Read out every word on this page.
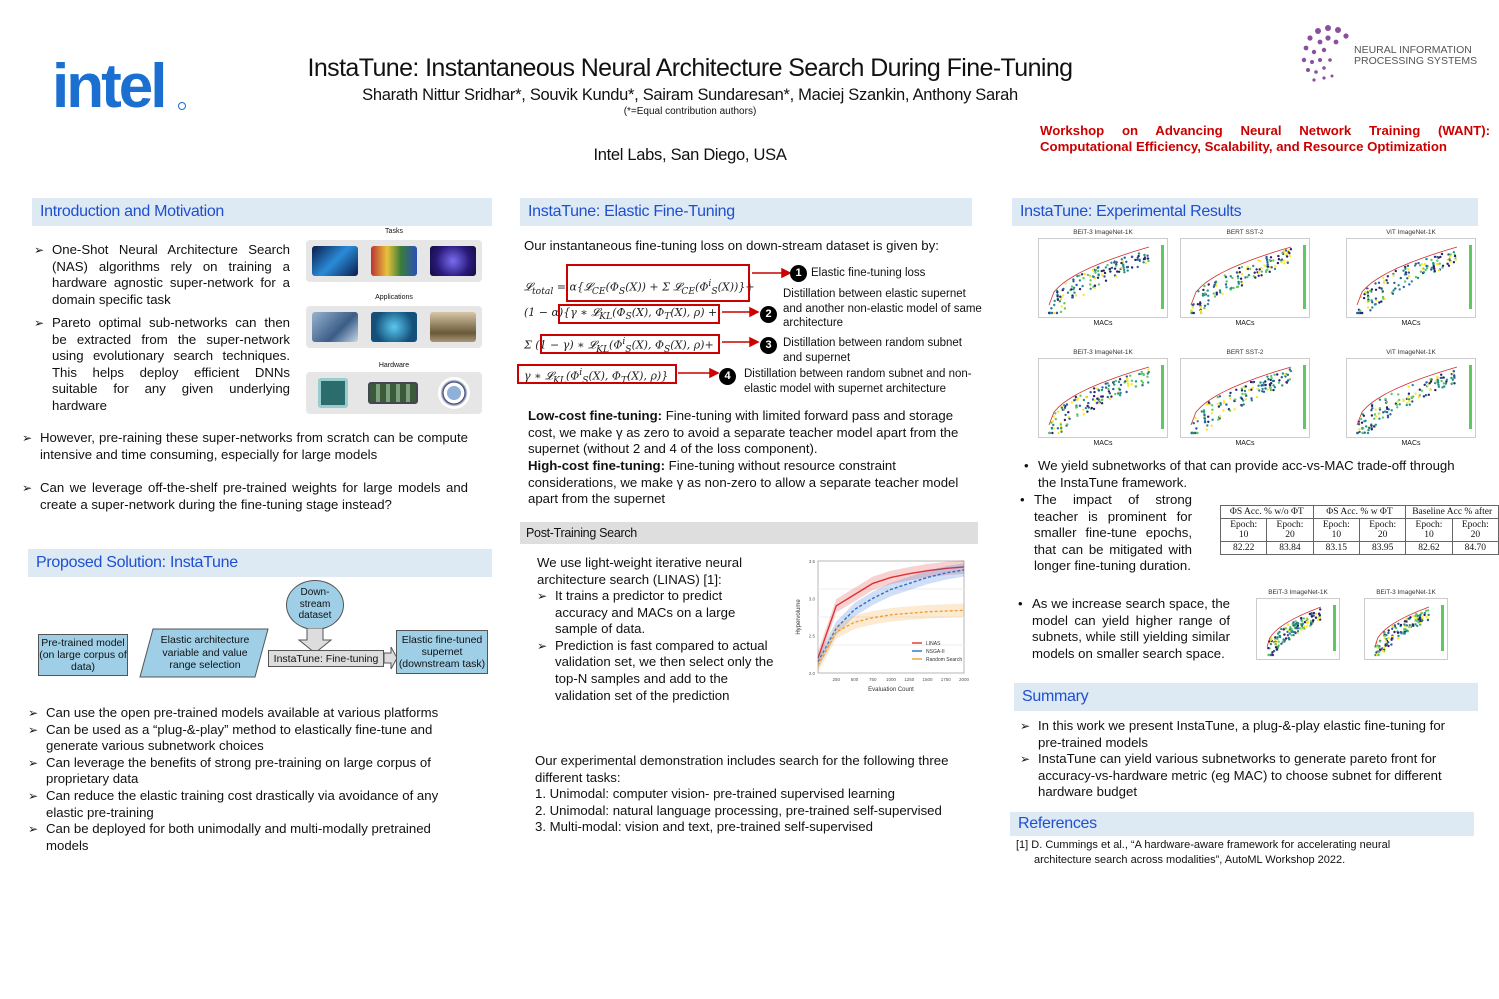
intel	InstaTune: Instantaneous Neural Architecture Search During Fine-Tuning
Sharath Nittur Sridhar*, Souvik Kundu*, Sairam Sundaresan*, Maciej Szankin, Anthony Sarah
(*=Equal contribution authors)
Intel Labs, San Diego, USA
NEURAL INFORMATION
PROCESSING SYSTEMS
Workshop on Advancing Neural Network Training (WANT): Computational Efficiency, Scalability, and Resource Optimization
Introduction and Motivation
➢ One-Shot Neural Architecture Search (NAS) algorithms rely on training a hardware agnostic super-network for a domain specific task
➢ Pareto optimal sub-networks can then be extracted from the super-network using evolutionary search techniques. This helps deploy efficient DNNs suitable for any given underlying hardware
Tasks
Applications
Hardware
➢ However, pre-raining these super-networks from scratch can be compute intensive and time consuming, especially for large models
➢ Can we leverage off-the-shelf pre-trained weights for large models and create a super-network during the fine-tuning stage instead?
Proposed Solution: InstaTune
Pre-trained model (on large corpus of data)
Elastic architecture variable and value range selection
Down-stream dataset
InstaTune: Fine-tuning
Elastic fine-tuned supernet (downstream task)
➢ Can use the open pre-trained models available at various platforms
➢ Can be used as a “plug-&-play” method to elastically fine-tune and generate various subnetwork choices
➢ Can leverage the benefits of strong pre-training on large corpus of proprietary data
➢ Can reduce the elastic training cost drastically via avoidance of any elastic pre-training
➢ Can be deployed for both unimodally and multi-modally pretrained models
InstaTune: Elastic Fine-Tuning
Our instantaneous fine-tuning loss on down-stream dataset is given by:
𝓛$_{total}$ = $\alpha\{𝓛_{CE}(\Phi_S(X)) + \Sigma$ $𝓛_{CE}(\Phi^i_S(X))\}+$
(1 − α){γ ∗ $𝓛_{KL}(\Phi_S(X)$, $\Phi_T(X)$, ρ) +
Σ (1 − γ) ∗ $𝓛_{KL}(\Phi^i_S(X)$, $\Phi_S(X)$, ρ)+
γ ∗ $𝓛_{KL}(\Phi^i_S(X)$, $\Phi_T(X)$, ρ)}
1 Elastic fine-tuning loss
2
Distillation between elastic supernet and another non-elastic model of same architecture
3 Distillation between random subnet and supernet
4	Distillation between random subnet and non-elastic model with supernet architecture
Low-cost fine-tuning: Fine-tuning with limited forward pass and storage cost, we make γ as zero to avoid a separate teacher model apart from the supernet (without 2 and 4 of the loss component).
High-cost fine-tuning: Fine-tuning without resource constraint considerations, we make γ as non-zero to allow a separate teacher model apart from the supernet
Post-Training Search
We use light-weight iterative neural architecture search (LINAS) [1]:
➢ It trains a predictor to predict accuracy and MACs on a large sample of data.
➢ Prediction is fast compared to actual validation set, we then select only the top-N samples and add to the validation set of the prediction
250 500 750 1000 1250 1500 1750 2000
Evaluation Count
Hypervolume
2.0
2.5
3.0
3.5
LINAS
NSGA-II
Random Search
Our experimental demonstration includes search for the following three different tasks:
1. Unimodal: computer vision- pre-trained supervised learning
2. Unimodal: natural language processing, pre-trained self-supervised
3. Multi-modal: vision and text, pre-trained self-supervised
InstaTune: Experimental Results
BEiT-3 ImageNet-1K	BERT SST-2	ViT ImageNet-1K
BEiT-3 ImageNet-1K	BERT SST-2	ViT ImageNet-1K
MACs	MACs	MACs
MACs	MACs	MACs
• We yield subnetworks of that can provide acc-vs-MAC trade-off through the InstaTune framework.
• The impact of strong teacher is prominent for smaller fine-tune epochs, that can be mitigated with longer fine-tuning duration.
ΦS Acc. % w/o ΦT		ΦS Acc. % w ΦT		Baseline Acc % after	
Epoch: 10	Epoch: 20	Epoch: 10	Epoch: 20	Epoch: 10	Epoch: 20
82.22	83.84	83.15	83.95	82.62	84.70
• As we increase search space, the model can yield higher range of subnets, while still yielding similar models on smaller search space.
BEiT-3 ImageNet-1K	BEiT-3 ImageNet-1K
Summary
➢ In this work we present InstaTune, a plug-&-play elastic fine-tuning for pre-trained models
➢ InstaTune can yield various subnetworks to generate pareto front for accuracy-vs-hardware metric (eg MAC) to choose subnet for different hardware budget
References
[1] D. Cummings et al., “A hardware-aware framework for accelerating neural architecture search across modalities”, AutoML Workshop 2022.
